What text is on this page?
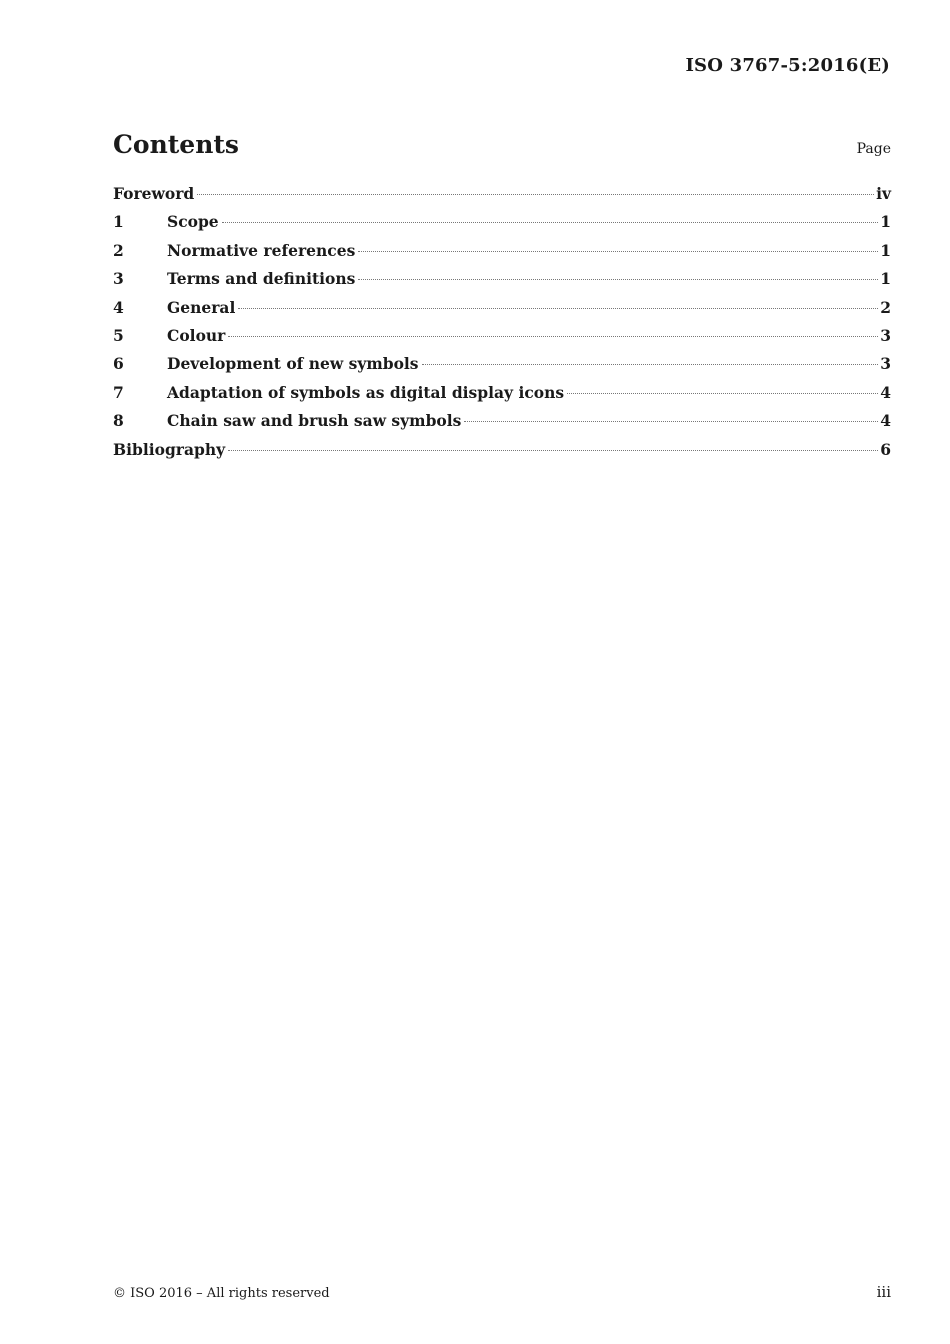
ISO 3767-5:2016(E)
Contents	Page
Foreword	iv
1	Scope	1
2	Normative references	1
3	Terms and definitions	1
4	General	2
5	Colour	3
6	Development of new symbols	3
7	Adaptation of symbols as digital display icons	4
8	Chain saw and brush saw symbols	4
Bibliography	6
© ISO 2016 – All rights reserved	iii
